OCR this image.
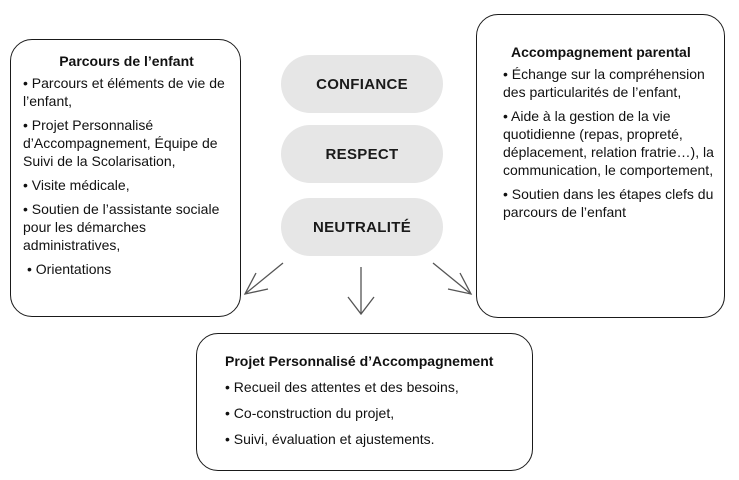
Parcours de l’enfant
• Parcours et éléments de vie de l’enfant,
• Projet Personnalisé d’Accompagnement, Équipe de Suivi de la Scolarisation,
• Visite médicale,
• Soutien de l’assistante sociale pour les démarches administratives,
• Orientations
CONFIANCE
RESPECT
NEUTRALITÉ
Accompagnement parental
• Échange sur la compréhension des particularités de l’enfant,
• Aide à la gestion de la vie quotidienne (repas, propreté, déplacement, relation fratrie…), la communication, le comportement,
• Soutien dans les étapes clefs du parcours de l’enfant
Projet Personnalisé d’Accompagnement
• Recueil des attentes et des besoins,
• Co-construction du projet,
• Suivi, évaluation et ajustements.
